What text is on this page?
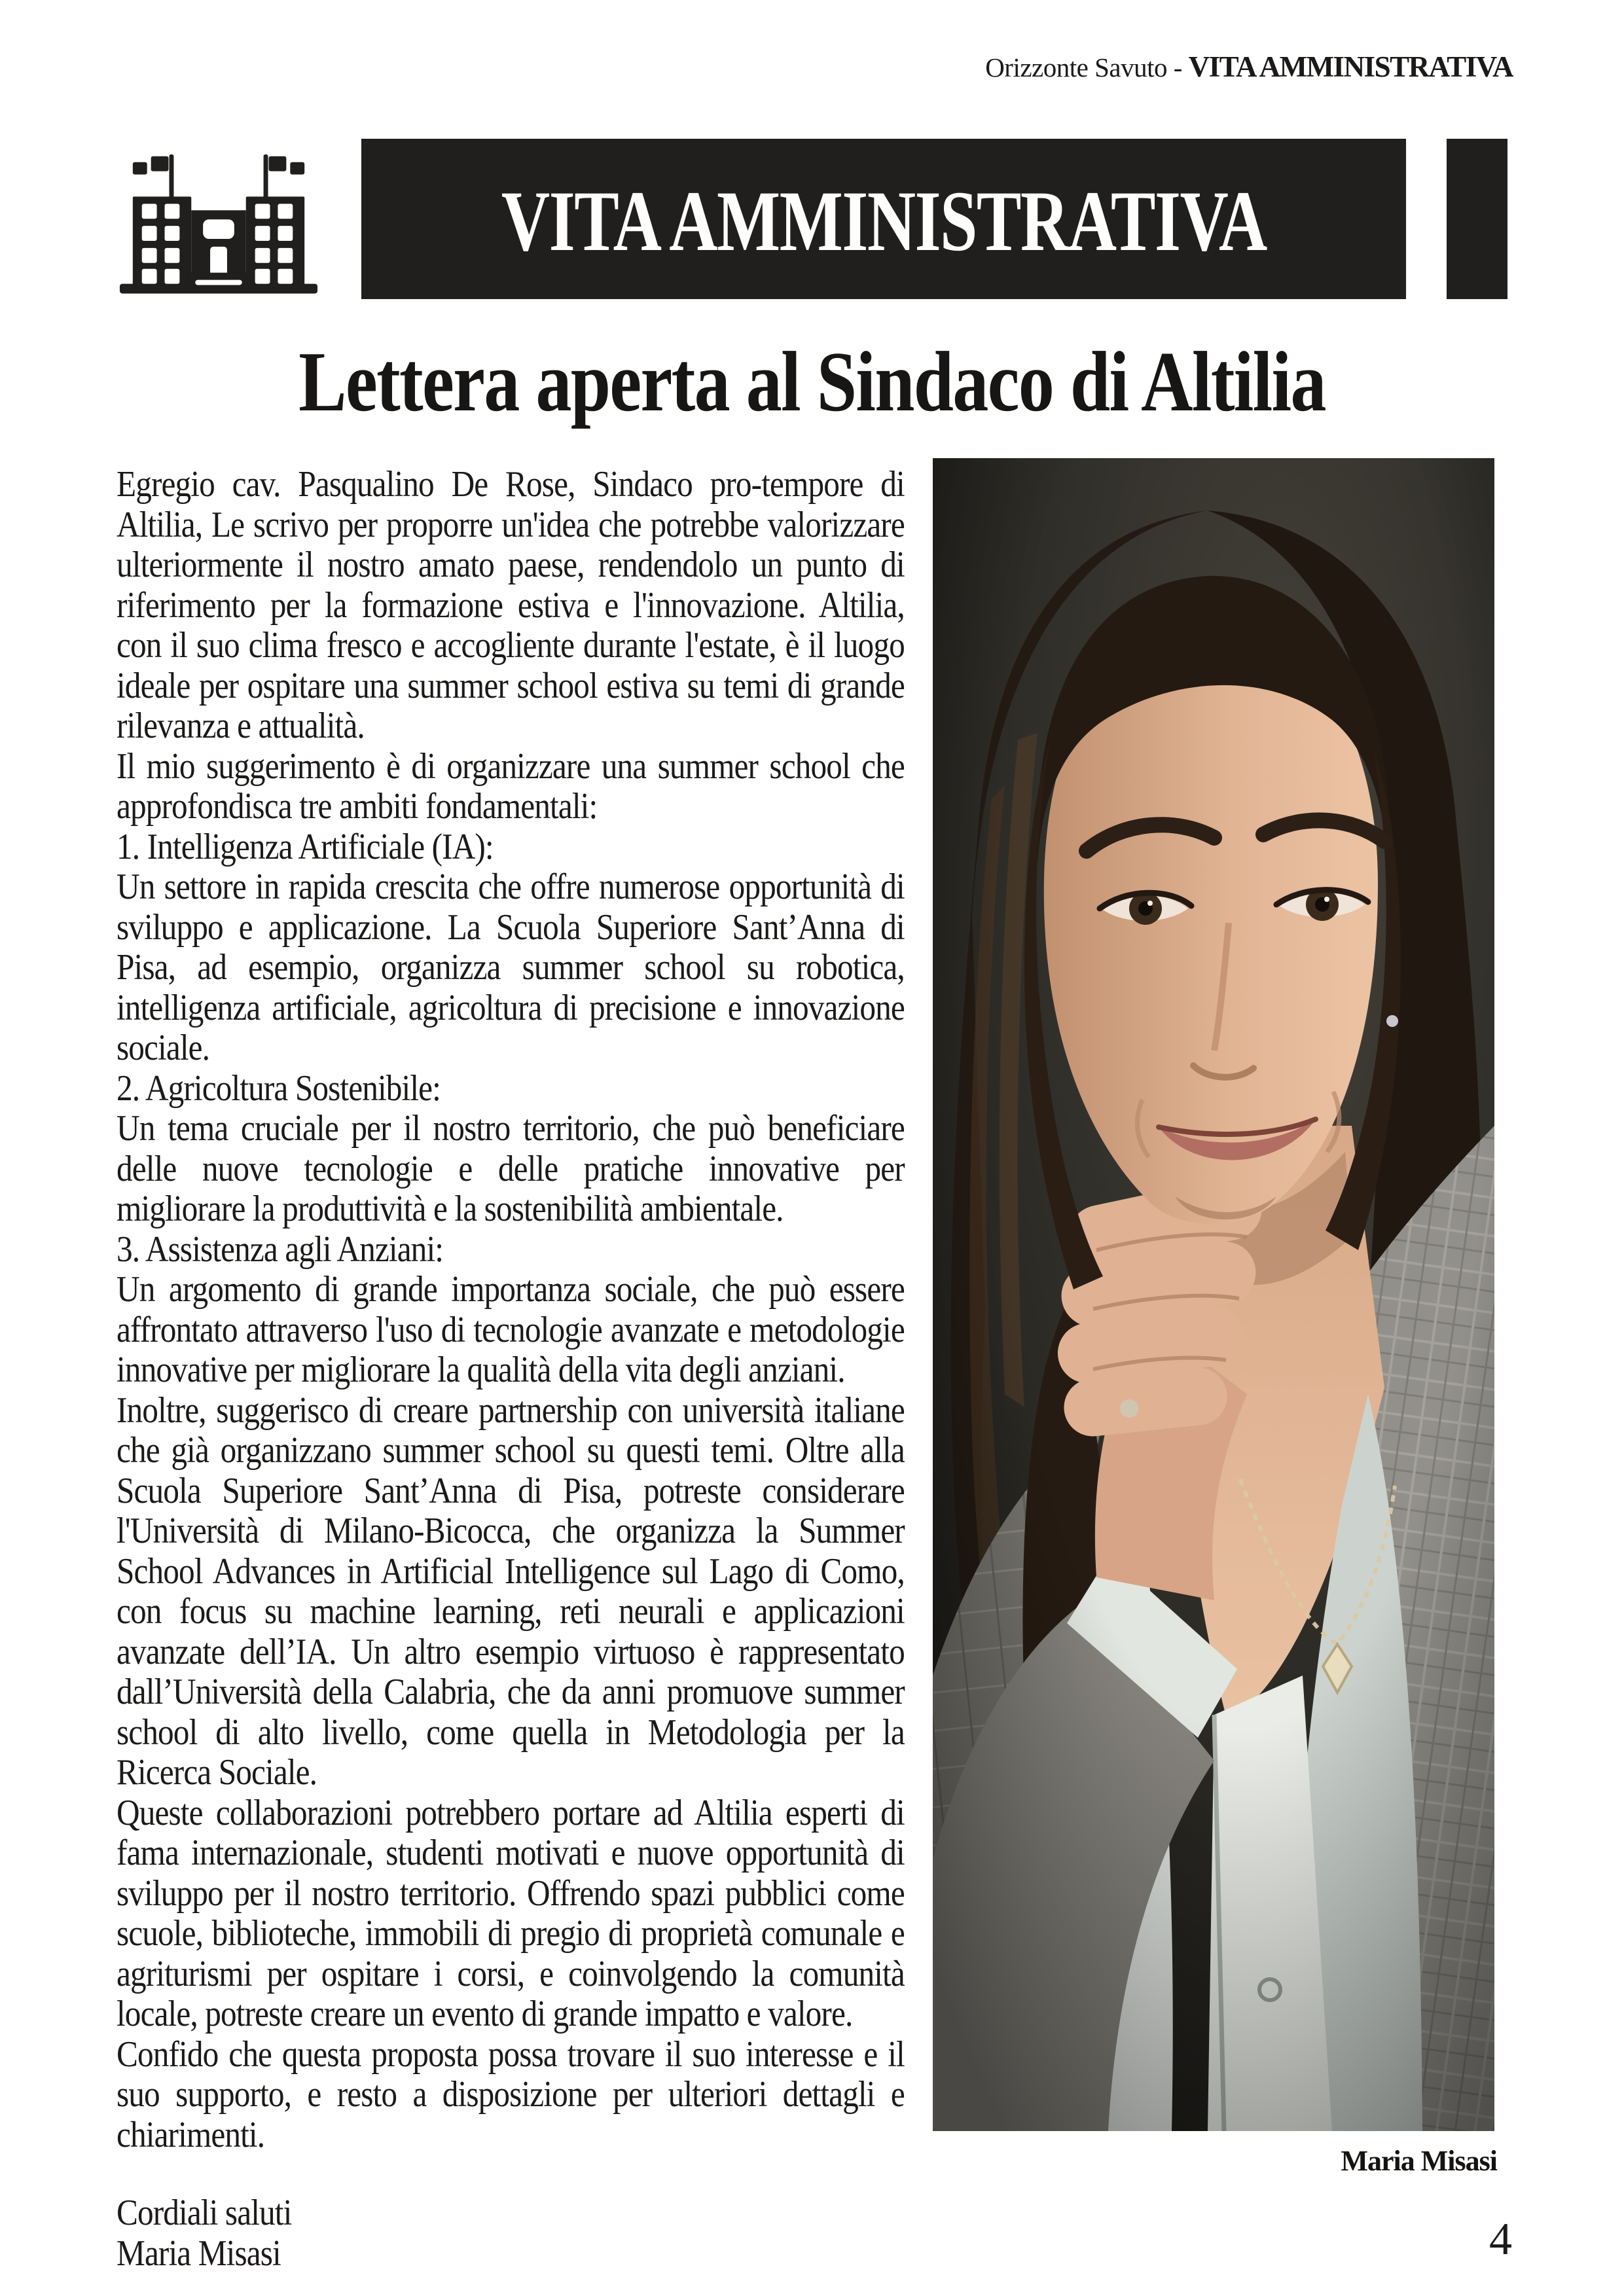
Orizzonte Savuto - VITA AMMINISTRATIVA
VITA AMMINISTRATIVA
Lettera aperta al Sindaco di Altilia

Egregio cav. Pasqualino De Rose, Sindaco pro-tempore di Altilia, Le scrivo per proporre un'idea che potrebbe valorizzare ulteriormente il nostro amato paese, rendendolo un punto di riferimento per la formazione estiva e l'innovazione. Altilia, con il suo clima fresco e accogliente durante l'estate, è il luogo ideale per ospitare una summer school estiva su temi di grande rilevanza e attualità.

Il mio suggerimento è di organizzare una summer school che approfondisca tre ambiti fondamentali:

1. Intelligenza Artificiale (IA):

Un settore in rapida crescita che offre numerose opportunità di sviluppo e applicazione. La Scuola Superiore Sant’Anna di Pisa, ad esempio, organizza summer school su robotica, intelligenza artificiale, agricoltura di precisione e innovazione sociale.

2. Agricoltura Sostenibile:

Un tema cruciale per il nostro territorio, che può beneficiare delle nuove tecnologie e delle pratiche innovative per migliorare la produttività e la sostenibilità ambientale.

3. Assistenza agli Anziani:

Un argomento di grande importanza sociale, che può essere affrontato attraverso l'uso di tecnologie avanzate e metodologie innovative per migliorare la qualità della vita degli anziani.

Inoltre, suggerisco di creare partnership con università italiane che già organizzano summer school su questi temi. Oltre alla Scuola Superiore Sant’Anna di Pisa, potreste considerare l'Università di Milano-Bicocca, che organizza la Summer School Advances in Artificial Intelligence sul Lago di Como, con focus su machine learning, reti neurali e applicazioni avanzate dell’IA. Un altro esempio virtuoso è rappresentato dall’Università della Calabria, che da anni promuove summer school di alto livello, come quella in Metodologia per la Ricerca Sociale.

Queste collaborazioni potrebbero portare ad Altilia esperti di fama internazionale, studenti motivati e nuove opportunità di sviluppo per il nostro territorio. Offrendo spazi pubblici come scuole, biblioteche, immobili di pregio di proprietà comunale e agriturismi per ospitare i corsi, e coinvolgendo la comunità locale, potreste creare un evento di grande impatto e valore.

Confido che questa proposta possa trovare il suo interesse e il suo supporto, e resto a disposizione per ulteriori dettagli e chiarimenti.

Cordiali saluti

Maria Misasi

Maria Misasi
4
